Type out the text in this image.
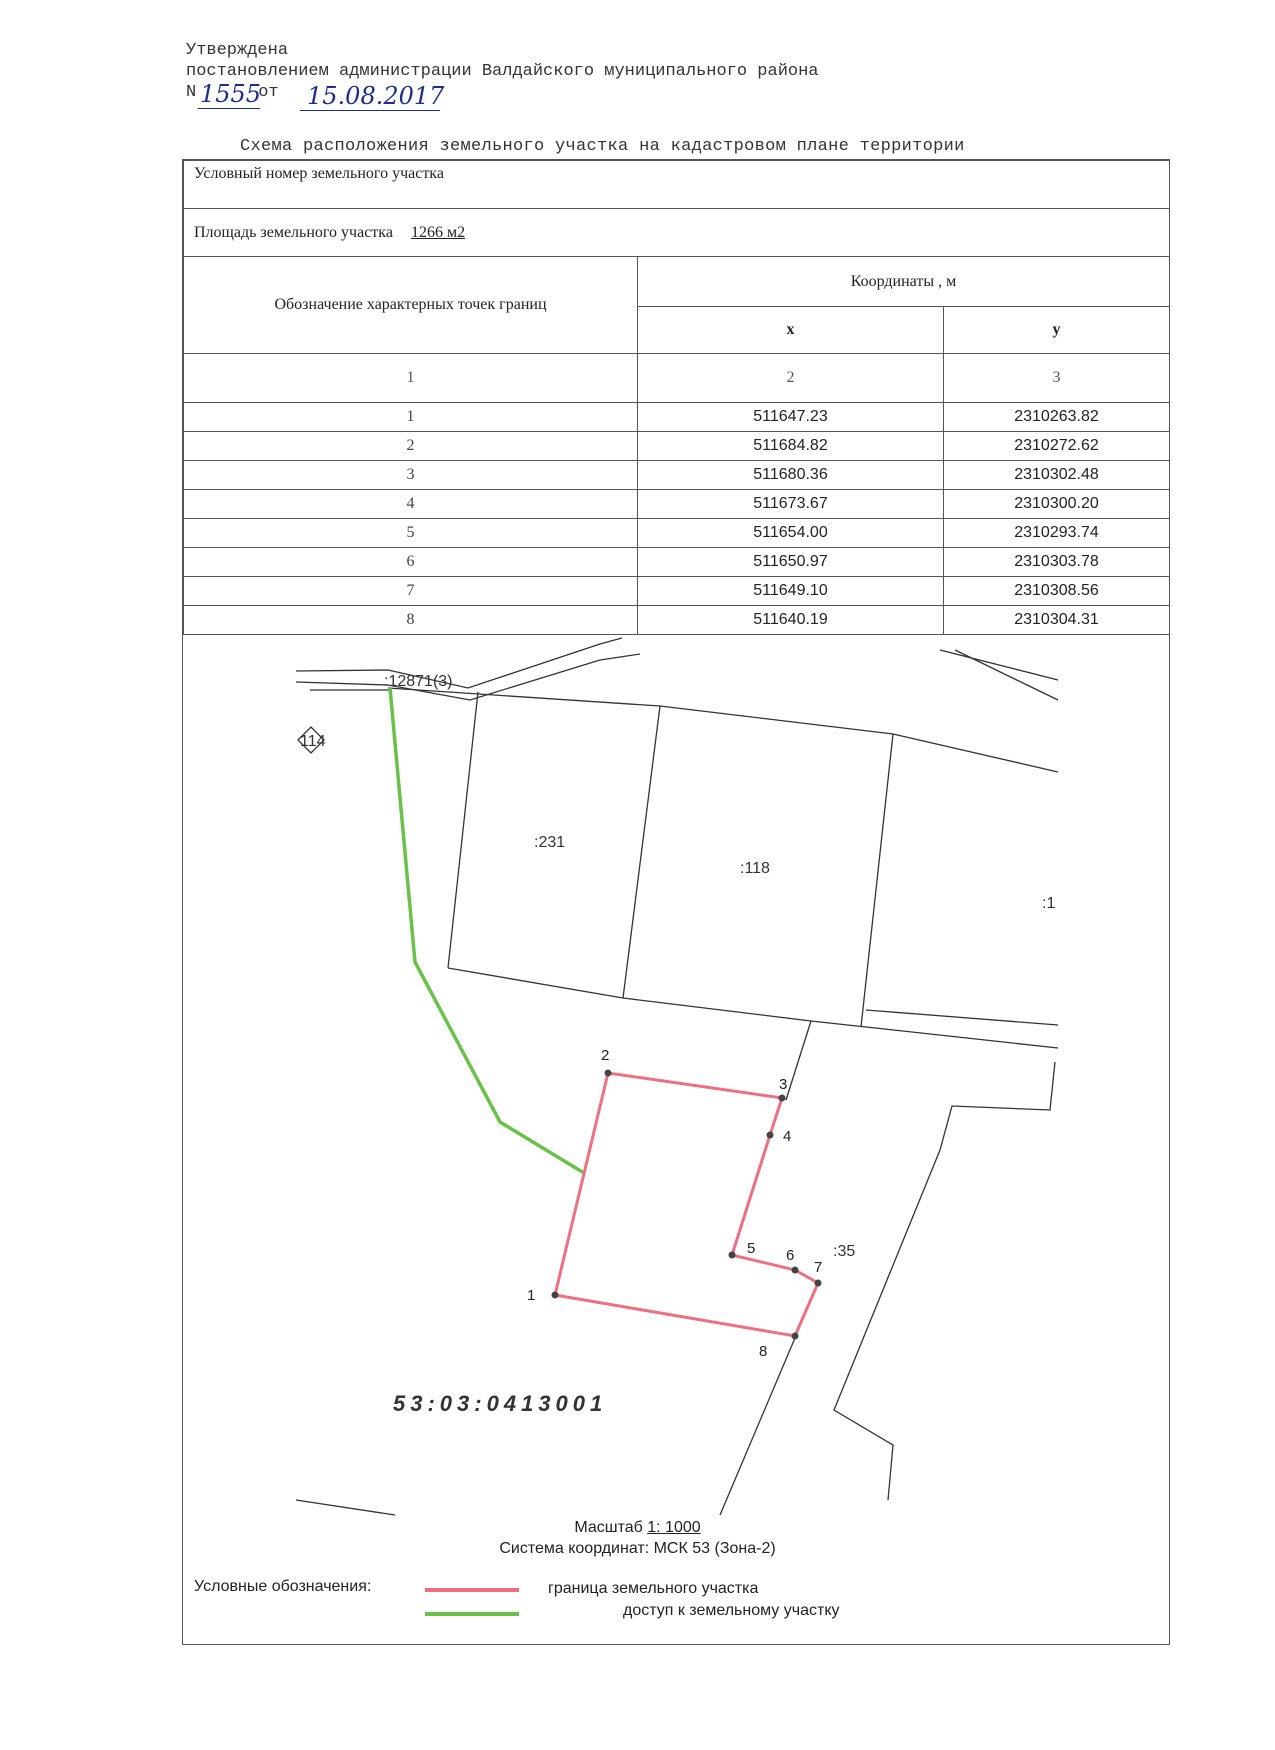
Утверждена
постановлением администрации Валдайского муниципального района
N	от
1555 15.08.2017
Схема расположения земельного участка на кадастровом плане территории
Условный номер земельного участка		
Площадь земельного участка 1266 м2		
Обозначение характерных точек границ	Координаты , м	
	x	y
1	2	3
1	511647.23	2310263.82
2	511684.82	2310272.62
3	511680.36	2310302.48
4	511673.67	2310300.20
5	511654.00	2310293.74
6	511650.97	2310303.78
7	511649.10	2310308.56
8	511640.19	2310304.31
1
2
3
4
5 6
7
8
:12871(3)
114
:231
:118
:1
:35
53:03:0413001
Масштаб 1: 1000
Система координат: МСК 53 (Зона-2)
Условные обозначения:	граница земельного участка
доступ к земельному участку
